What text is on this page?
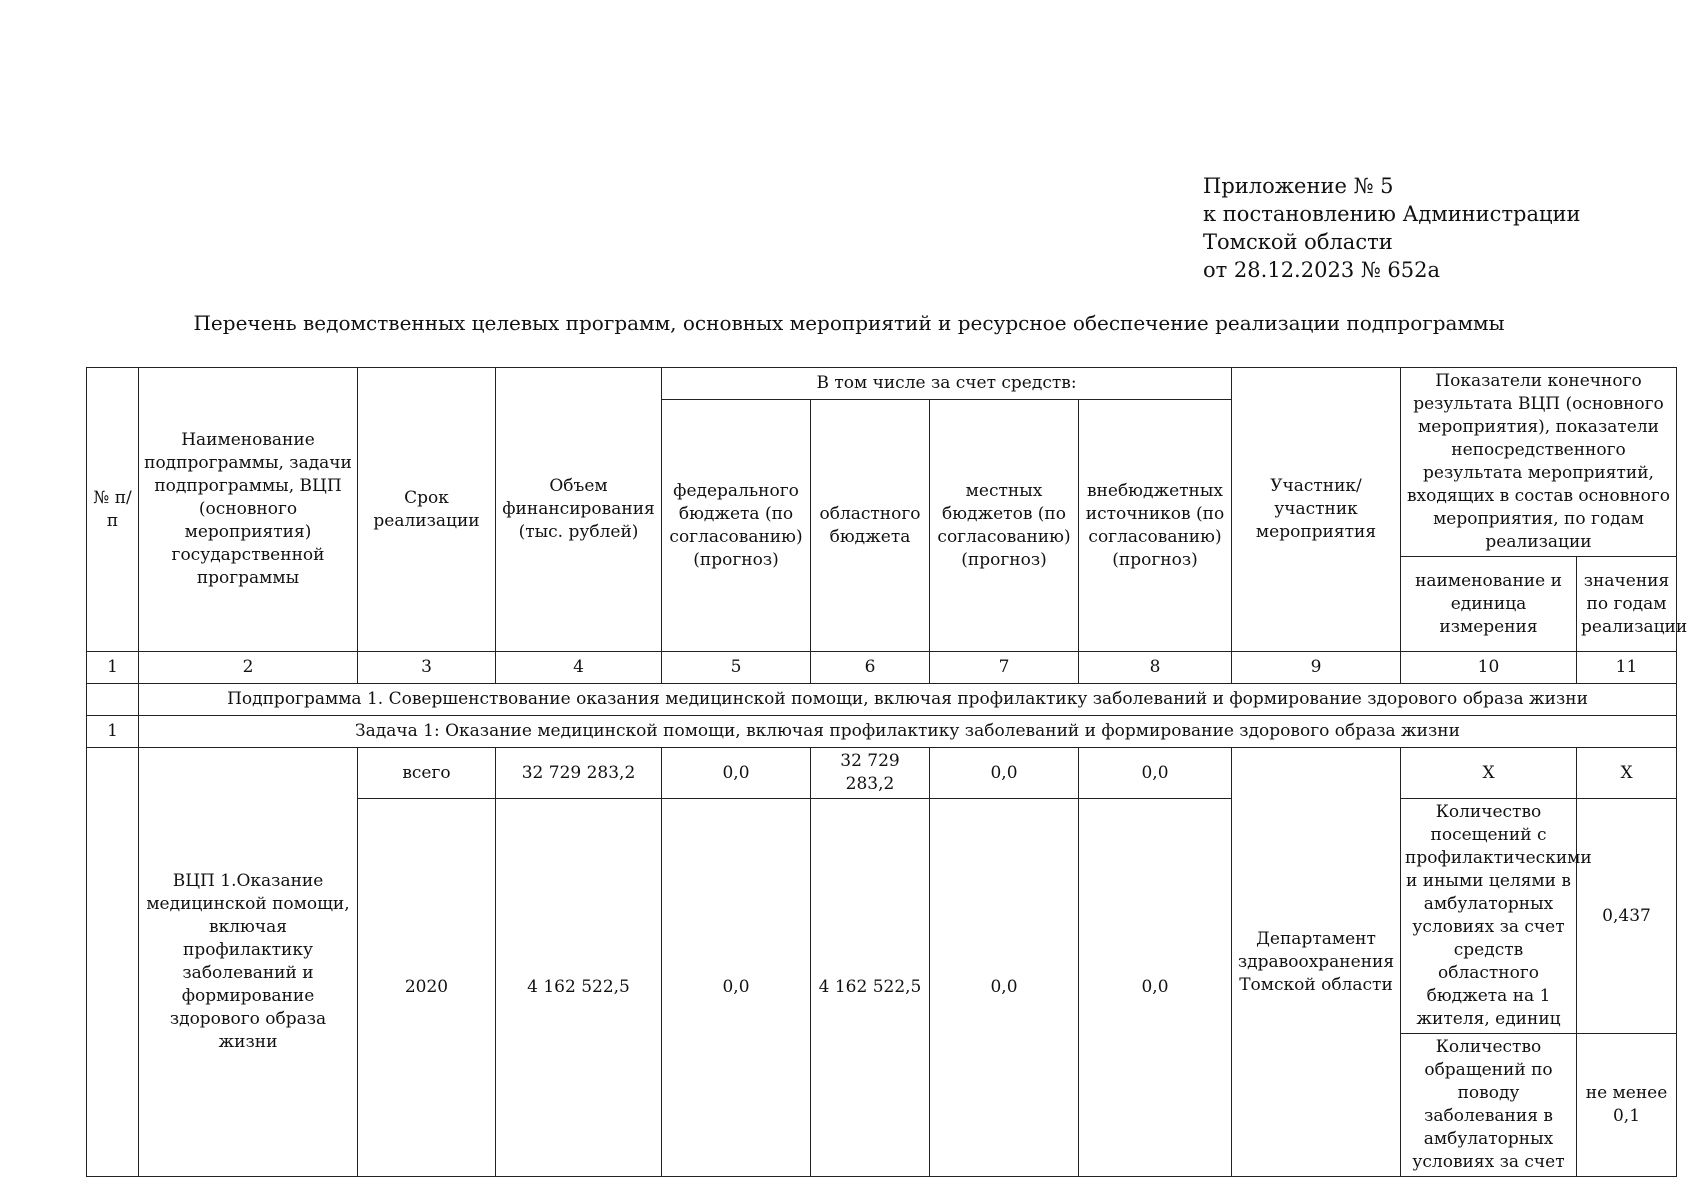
Приложение № 5
к постановлению Администрации
Томской области
от 28.12.2023 № 652а
Перечень ведомственных целевых программ, основных мероприятий и ресурсное обеспечение реализации подпрограммы
№ п/п	Наименование подпрограммы, задачи подпрограммы, ВЦП (основного мероприятия) государственной программы	Срок реализации	Объем финансирования (тыс. рублей)	В том числе за счет средств:				Участник/ участник мероприятия	Показатели конечного результата ВЦП (основного мероприятия), показатели непосредственного результата мероприятий, входящих в состав основного мероприятия, по годам реализации	
				федерального бюджета (по согласованию) (прогноз)	областного бюджета	местных бюджетов (по согласованию) (прогноз)	внебюджетных источников (по согласованию) (прогноз)			
									наименование и единица измерения	значения по годам реализации
1	2	3	4	5	6	7	8	9	10	11
	Подпрограмма 1. Совершенствование оказания медицинской помощи, включая профилактику заболеваний и формирование здорового образа жизни									
1	Задача 1: Оказание медицинской помощи, включая профилактику заболеваний и формирование здорового образа жизни									
	ВЦП 1.Оказание медицинской помощи, включая профилактику заболеваний и формирование здорового образа жизни	всего	32 729 283,2	0,0	32 729 283,2	0,0	0,0	Департамент здравоохранения Томской области	Х	Х
		2020	4 162 522,5	0,0	4 162 522,5	0,0	0,0		Количество посещений с профилактическими и иными целями в амбулаторных условиях за счет средств областного бюджета на 1 жителя, единиц	0,437
									Количество обращений по поводу заболевания в амбулаторных условиях за счет	не менее 0,1
